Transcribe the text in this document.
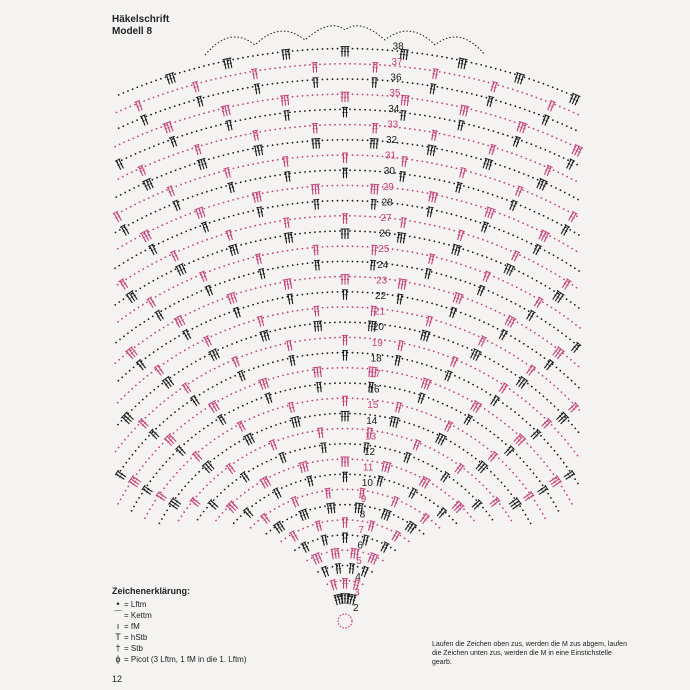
Häkelschrift
Modell 8
2
3
4
5
6
7
8
9
10
11
12
13
14
15
16
17
18
19
20
21
22
23
24
25
26
27
28
29
30
31
32
33
34
35
36
37
38
Zeichenerklärung:
• = Lftm
⌒ = Kettm
ı = fM
T = hStb
† = Stb
ɸ = Picot (3 Lftm, 1 fM in die 1. Lftm)
Laufen die Zeichen oben zus, werden die M zus abgem, laufen die Zeichen unten zus, werden die M in eine Einstichstelle gearb.
12
